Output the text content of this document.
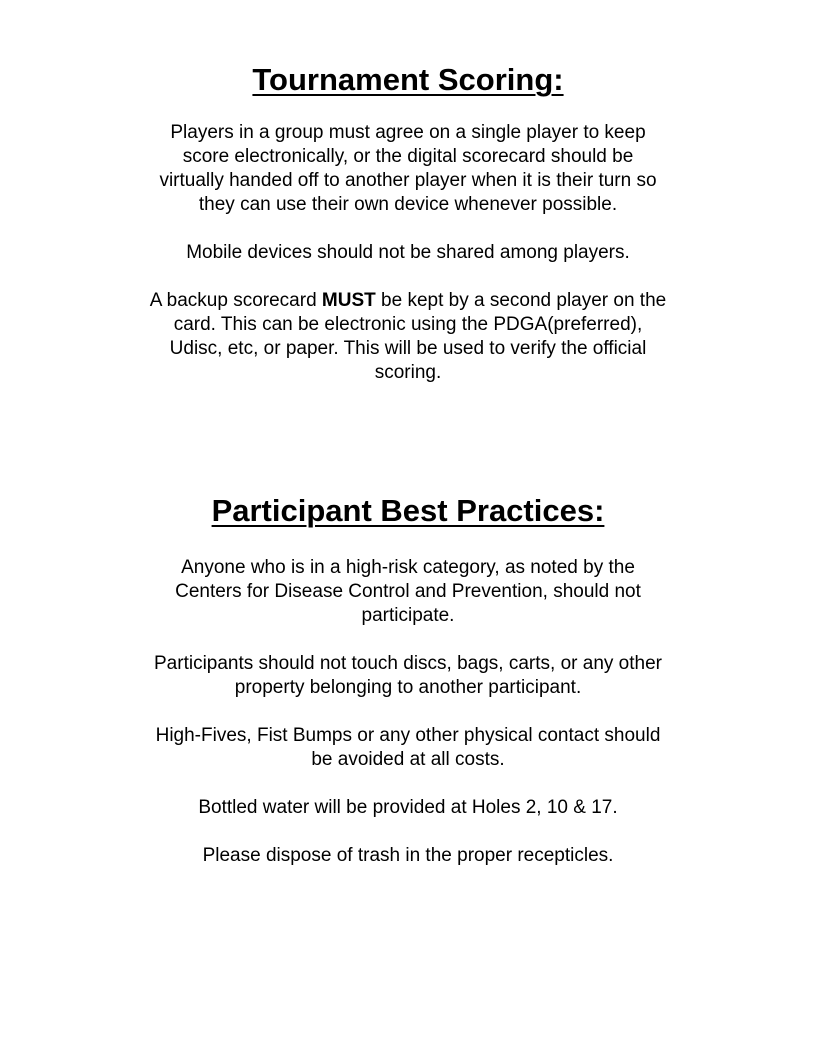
Tournament Scoring:

Players in a group must agree on a single player to keep
score electronically, or the digital scorecard should be
virtually handed off to another player when it is their turn so
they can use their own device whenever possible.

Mobile devices should not be shared among players.

A backup scorecard MUST be kept by a second player on the
card. This can be electronic using the PDGA(preferred),
Udisc, etc, or paper. This will be used to verify the official
scoring.

Participant Best Practices:

Anyone who is in a high-risk category, as noted by the
Centers for Disease Control and Prevention, should not
participate.

Participants should not touch discs, bags, carts, or any other
property belonging to another participant.

High-Fives, Fist Bumps or any other physical contact should
be avoided at all costs.

Bottled water will be provided at Holes 2, 10 & 17.

Please dispose of trash in the proper recepticles.
